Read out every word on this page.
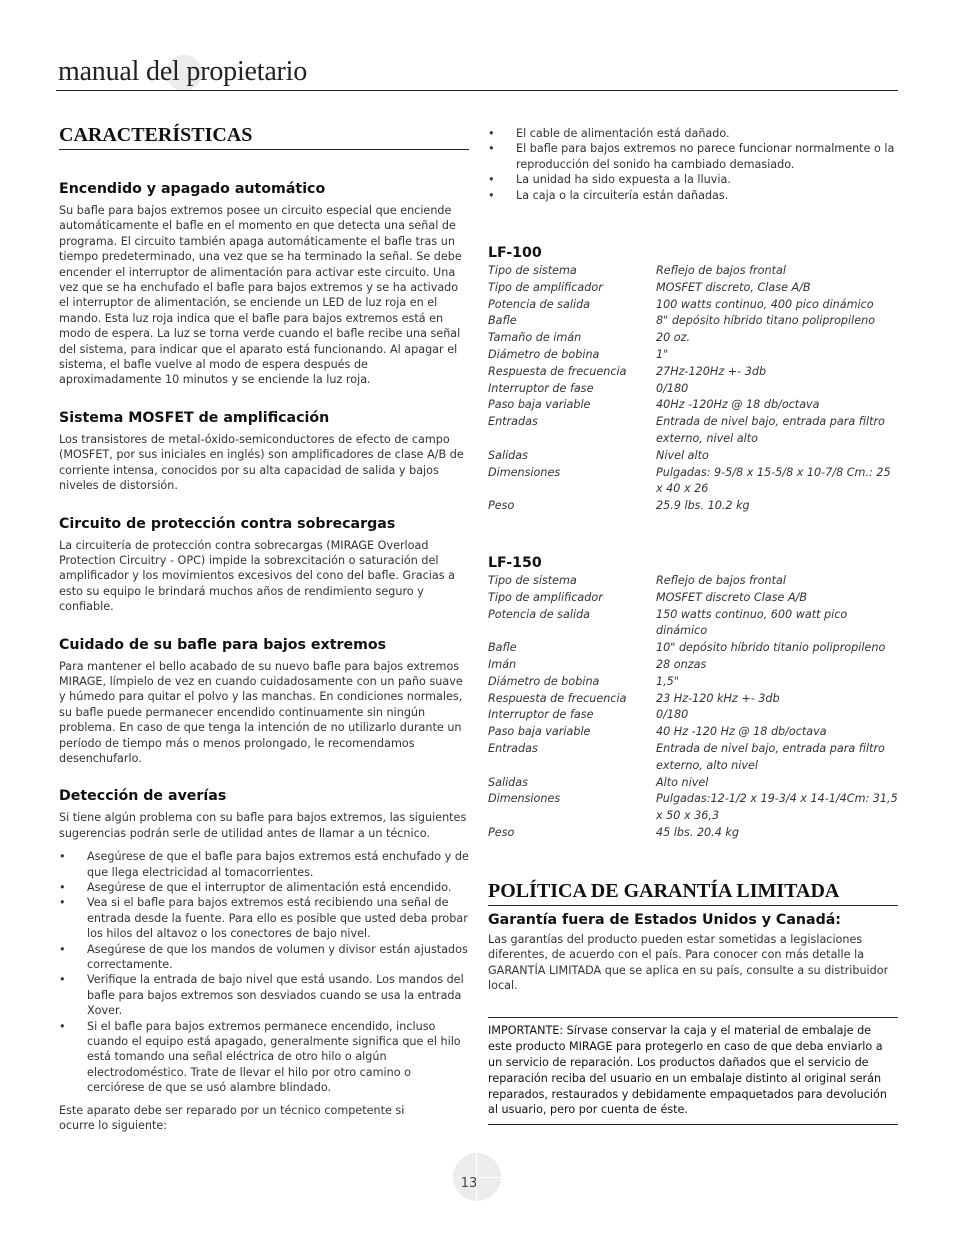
manual del propietario
CARACTERÍSTICAS
Encendido y apagado automático

Su bafle para bajos extremos posee un circuito especial que enciende automáticamente el bafle en el momento en que detecta una señal de programa. El circuito también apaga automáticamente el bafle tras un tiempo predeterminado, una vez que se ha terminado la señal. Se debe encender el interruptor de alimentación para activar este circuito. Una vez que se ha enchufado el bafle para bajos extremos y se ha activado el interruptor de alimentación, se enciende un LED de luz roja en el mando. Esta luz roja indica que el bafle para bajos extremos está en modo de espera. La luz se torna verde cuando el bafle recibe una señal del sistema, para indicar que el aparato está funcionando. Al apagar el sistema, el bafle vuelve al modo de espera después de aproximadamente 10 minutos y se enciende la luz roja.

Sistema MOSFET de amplificación

Los transistores de metal-óxido-semiconductores de efecto de campo (MOSFET, por sus iniciales en inglés) son amplificadores de clase A/B de corriente intensa, conocidos por su alta capacidad de salida y bajos niveles de distorsión.

Circuito de protección contra sobrecargas

La circuitería de protección contra sobrecargas (MIRAGE Overload Protection Circuitry - OPC) impide la sobrexcitación o saturación del amplificador y los movimientos excesivos del cono del bafle. Gracias a esto su equipo le brindará muchos años de rendimiento seguro y confiable.

Cuidado de su bafle para bajos extremos

Para mantener el bello acabado de su nuevo bafle para bajos extremos MIRAGE, límpielo de vez en cuando cuidadosamente con un paño suave y húmedo para quitar el polvo y las manchas. En condiciones normales, su bafle puede permanecer encendido continuamente sin ningún problema. En caso de que tenga la intención de no utilizarlo durante un período de tiempo más o menos prolongado, le recomendamos desenchufarlo.

Detección de averías

Si tiene algún problema con su bafle para bajos extremos, las siguientes sugerencias podrán serle de utilidad antes de llamar a un técnico.

• Asegúrese de que el bafle para bajos extremos está enchufado y de que llega electricidad al tomacorrientes.
• Asegúrese de que el interruptor de alimentación está encendido.
• Vea si el bafle para bajos extremos está recibiendo una señal de entrada desde la fuente. Para ello es posible que usted deba probar los hilos del altavoz o los conectores de bajo nivel.
• Asegúrese de que los mandos de volumen y divisor están ajustados correctamente.
• Verifique la entrada de bajo nivel que está usando. Los mandos del bafle para bajos extremos son desviados cuando se usa la entrada Xover.
• Si el bafle para bajos extremos permanece encendido, incluso cuando el equipo está apagado, generalmente significa que el hilo está tomando una señal eléctrica de otro hilo o algún electrodoméstico. Trate de llevar el hilo por otro camino o cerciórese de que se usó alambre blindado.

Este aparato debe ser reparado por un técnico competente si ocurre lo siguiente:

• El cable de alimentación está dañado.
• El bafle para bajos extremos no parece funcionar normalmente o la reproducción del sonido ha cambiado demasiado.
• La unidad ha sido expuesta a la lluvia.
• La caja o la circuitería están dañadas.
LF-100
Tipo de sistema	Reflejo de bajos frontal
Tipo de amplificador	MOSFET discreto, Clase A/B
Potencia de salida	100 watts continuo, 400 pico dinámico
Bafle	8" depósito híbrido titano polipropileno
Tamaño de imán	20 oz.
Diámetro de bobina	1"
Respuesta de frecuencia	27Hz-120Hz +- 3db
Interruptor de fase	0/180
Paso baja variable	40Hz -120Hz @ 18 db/octava
Entradas	Entrada de nivel bajo, entrada para filtro externo, nivel alto
Salidas	Nivel alto
Dimensiones	Pulgadas: 9-5/8 x 15-5/8 x 10-7/8 Cm.: 25 x 40 x 26
Peso	25.9 lbs. 10.2 kg
LF-150
Tipo de sistema	Reflejo de bajos frontal
Tipo de amplificador	MOSFET discreto Clase A/B
Potencia de salida	150 watts continuo, 600 watt pico dinámico
Bafle	10" depósito híbrido titanio polipropileno
Imán	28 onzas
Diámetro de bobina	1,5"
Respuesta de frecuencia	23 Hz-120 kHz +- 3db
Interruptor de fase	0/180
Paso baja variable	40 Hz -120 Hz @ 18 db/octava
Entradas	Entrada de nivel bajo, entrada para filtro externo, alto nivel
Salidas	Alto nivel
Dimensiones	Pulgadas:12-1/2 x 19-3/4 x 14-1/4Cm: 31,5 x 50 x 36,3
Peso	45 lbs. 20.4 kg
POLÍTICA DE GARANTÍA LIMITADA
Garantía fuera de Estados Unidos y Canadá:

Las garantías del producto pueden estar sometidas a legislaciones diferentes, de acuerdo con el país. Para conocer con más detalle la GARANTÍA LIMITADA que se aplica en su país, consulte a su distribuidor local.

IMPORTANTE: Sírvase conservar la caja y el material de embalaje de este producto MIRAGE para protegerlo en caso de que deba enviarlo a un servicio de reparación. Los productos dañados que el servicio de reparación reciba del usuario en un embalaje distinto al original serán reparados, restaurados y debidamente empaquetados para devolución al usuario, pero por cuenta de éste.
13
